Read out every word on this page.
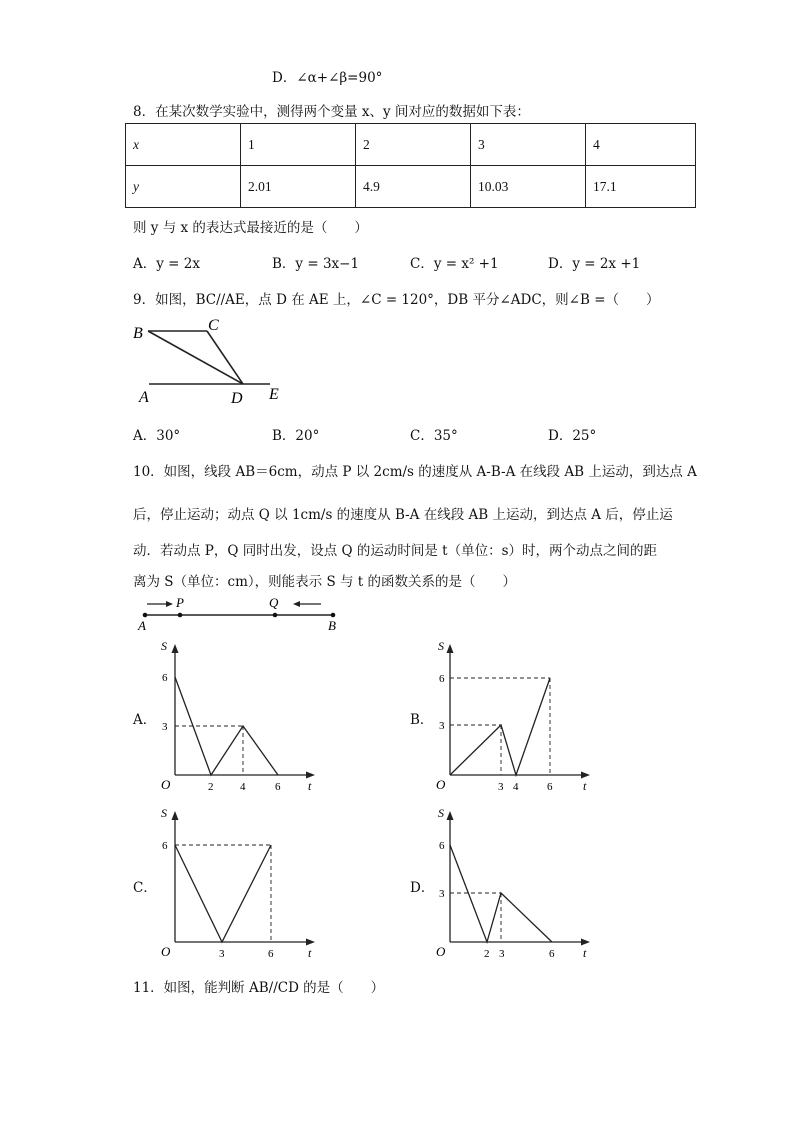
D．∠α+∠β=90°
8．在某次数学实验中，测得两个变量 x、y 间对应的数据如下表：
x	1	2	3	4
y	2.01	4.9	10.03	17.1
则 y 与 x 的表达式最接近的是（　　）
A．y = 2x	B．y = 3x−1	C．y = x² +1	D．y = 2x +1
9．如图，BC//AE，点 D 在 AE 上，∠C = 120°，DB 平分∠ADC，则∠B =（　　）
B	C
A	D E
A．30°	B．20°	C．35°	D．25°
10．如图，线段 AB＝6cm，动点 P 以 2cm/s 的速度从 A-B-A 在线段 AB 上运动，到达点 A
后，停止运动；动点 Q 以 1cm/s 的速度从 B-A 在线段 AB 上运动，到达点 A 后，停止运
动．若动点 P，Q 同时出发，设点 Q 的运动时间是 t（单位：s）时，两个动点之间的距
离为 S（单位：cm），则能表示 S 与 t 的函数关系的是（　　）
A
P	Q
B
A．
S
t
O
6
3
2 4	6
B．
S
t
O
6
3
3 4	6
C．
S
t
O
6
3	6
D．
S
t
O
6
3
2 3	6
11．如图，能判断 AB//CD 的是（　　）
